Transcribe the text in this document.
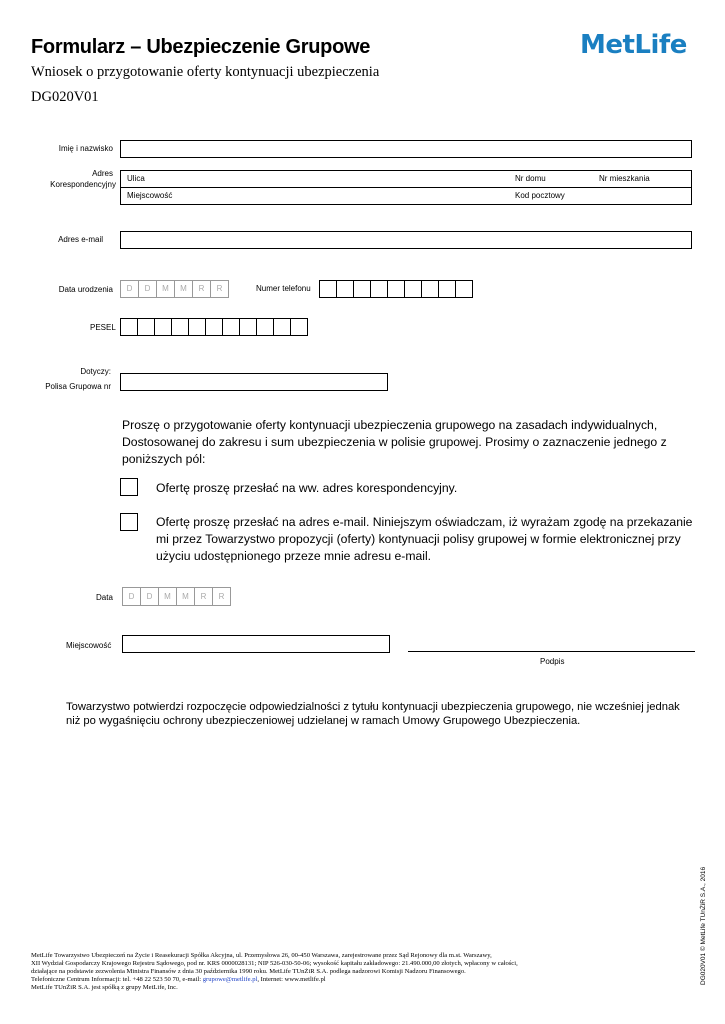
Formularz – Ubezpieczenie Grupowe	MetLife
Wniosek o przygotowanie oferty kontynuacji ubezpieczenia
DG020V01
Imię i nazwisko
Adres
Korespondencyjny
Ulica	Nr domu	Nr mieszkania
Miejscowość	Kod pocztowy
Adres e-mail
Data urodzenia	D	D	M	M	R	R	Numer telefonu
PESEL
Dotyczy:
Polisa Grupowa nr
Proszę o przygotowanie oferty kontynuacji ubezpieczenia grupowego na zasadach indywidualnych, Dostosowanej do zakresu i sum ubezpieczenia w polisie grupowej. Prosimy o zaznaczenie jednego z poniższych pól:
Ofertę proszę przesłać na ww. adres korespondencyjny.
Ofertę proszę przesłać na adres e-mail. Niniejszym oświadczam, iż wyrażam zgodę na przekazanie mi przez Towarzystwo propozycji (oferty) kontynuacji polisy grupowej w formie elektronicznej przy użyciu udostępnionego przeze mnie adresu e-mail.
Data	D	D	M	M	R	R
Miejscowość
Podpis
Towarzystwo potwierdzi rozpoczęcie odpowiedzialności z tytułu kontynuacji ubezpieczenia grupowego, nie wcześniej jednak niż po wygaśnięciu ochrony ubezpieczeniowej udzielanej w ramach Umowy Grupowego Ubezpieczenia.
MetLife Towarzystwo Ubezpieczeń na Życie i Reasekuracji Spółka Akcyjna, ul. Przemysłowa 26, 00-450 Warszawa, zarejestrowane przez Sąd Rejonowy dla m.st. Warszawy,
XII Wydział Gospodarczy Krajowego Rejestru Sądowego, pod nr. KRS 0000028131; NIP 526-030-50-06; wysokość kapitału zakładowego: 21.490.000,00 złotych, wpłacony w całości,
działające na podstawie zezwolenia Ministra Finansów z dnia 30 października 1990 roku. MetLife TUnŻiR S.A. podlega nadzorowi Komisji Nadzoru Finansowego.
Telefoniczne Centrum Informacji: tel. +48 22 523 50 70, e-mail: grupowe@metlife.pl, Internet: www.metlife.pl
MetLife TUnŻiR S.A. jest spółką z grupy MetLife, Inc.
DG020V01 © MetLife TUnŻiR S.A., 2016
